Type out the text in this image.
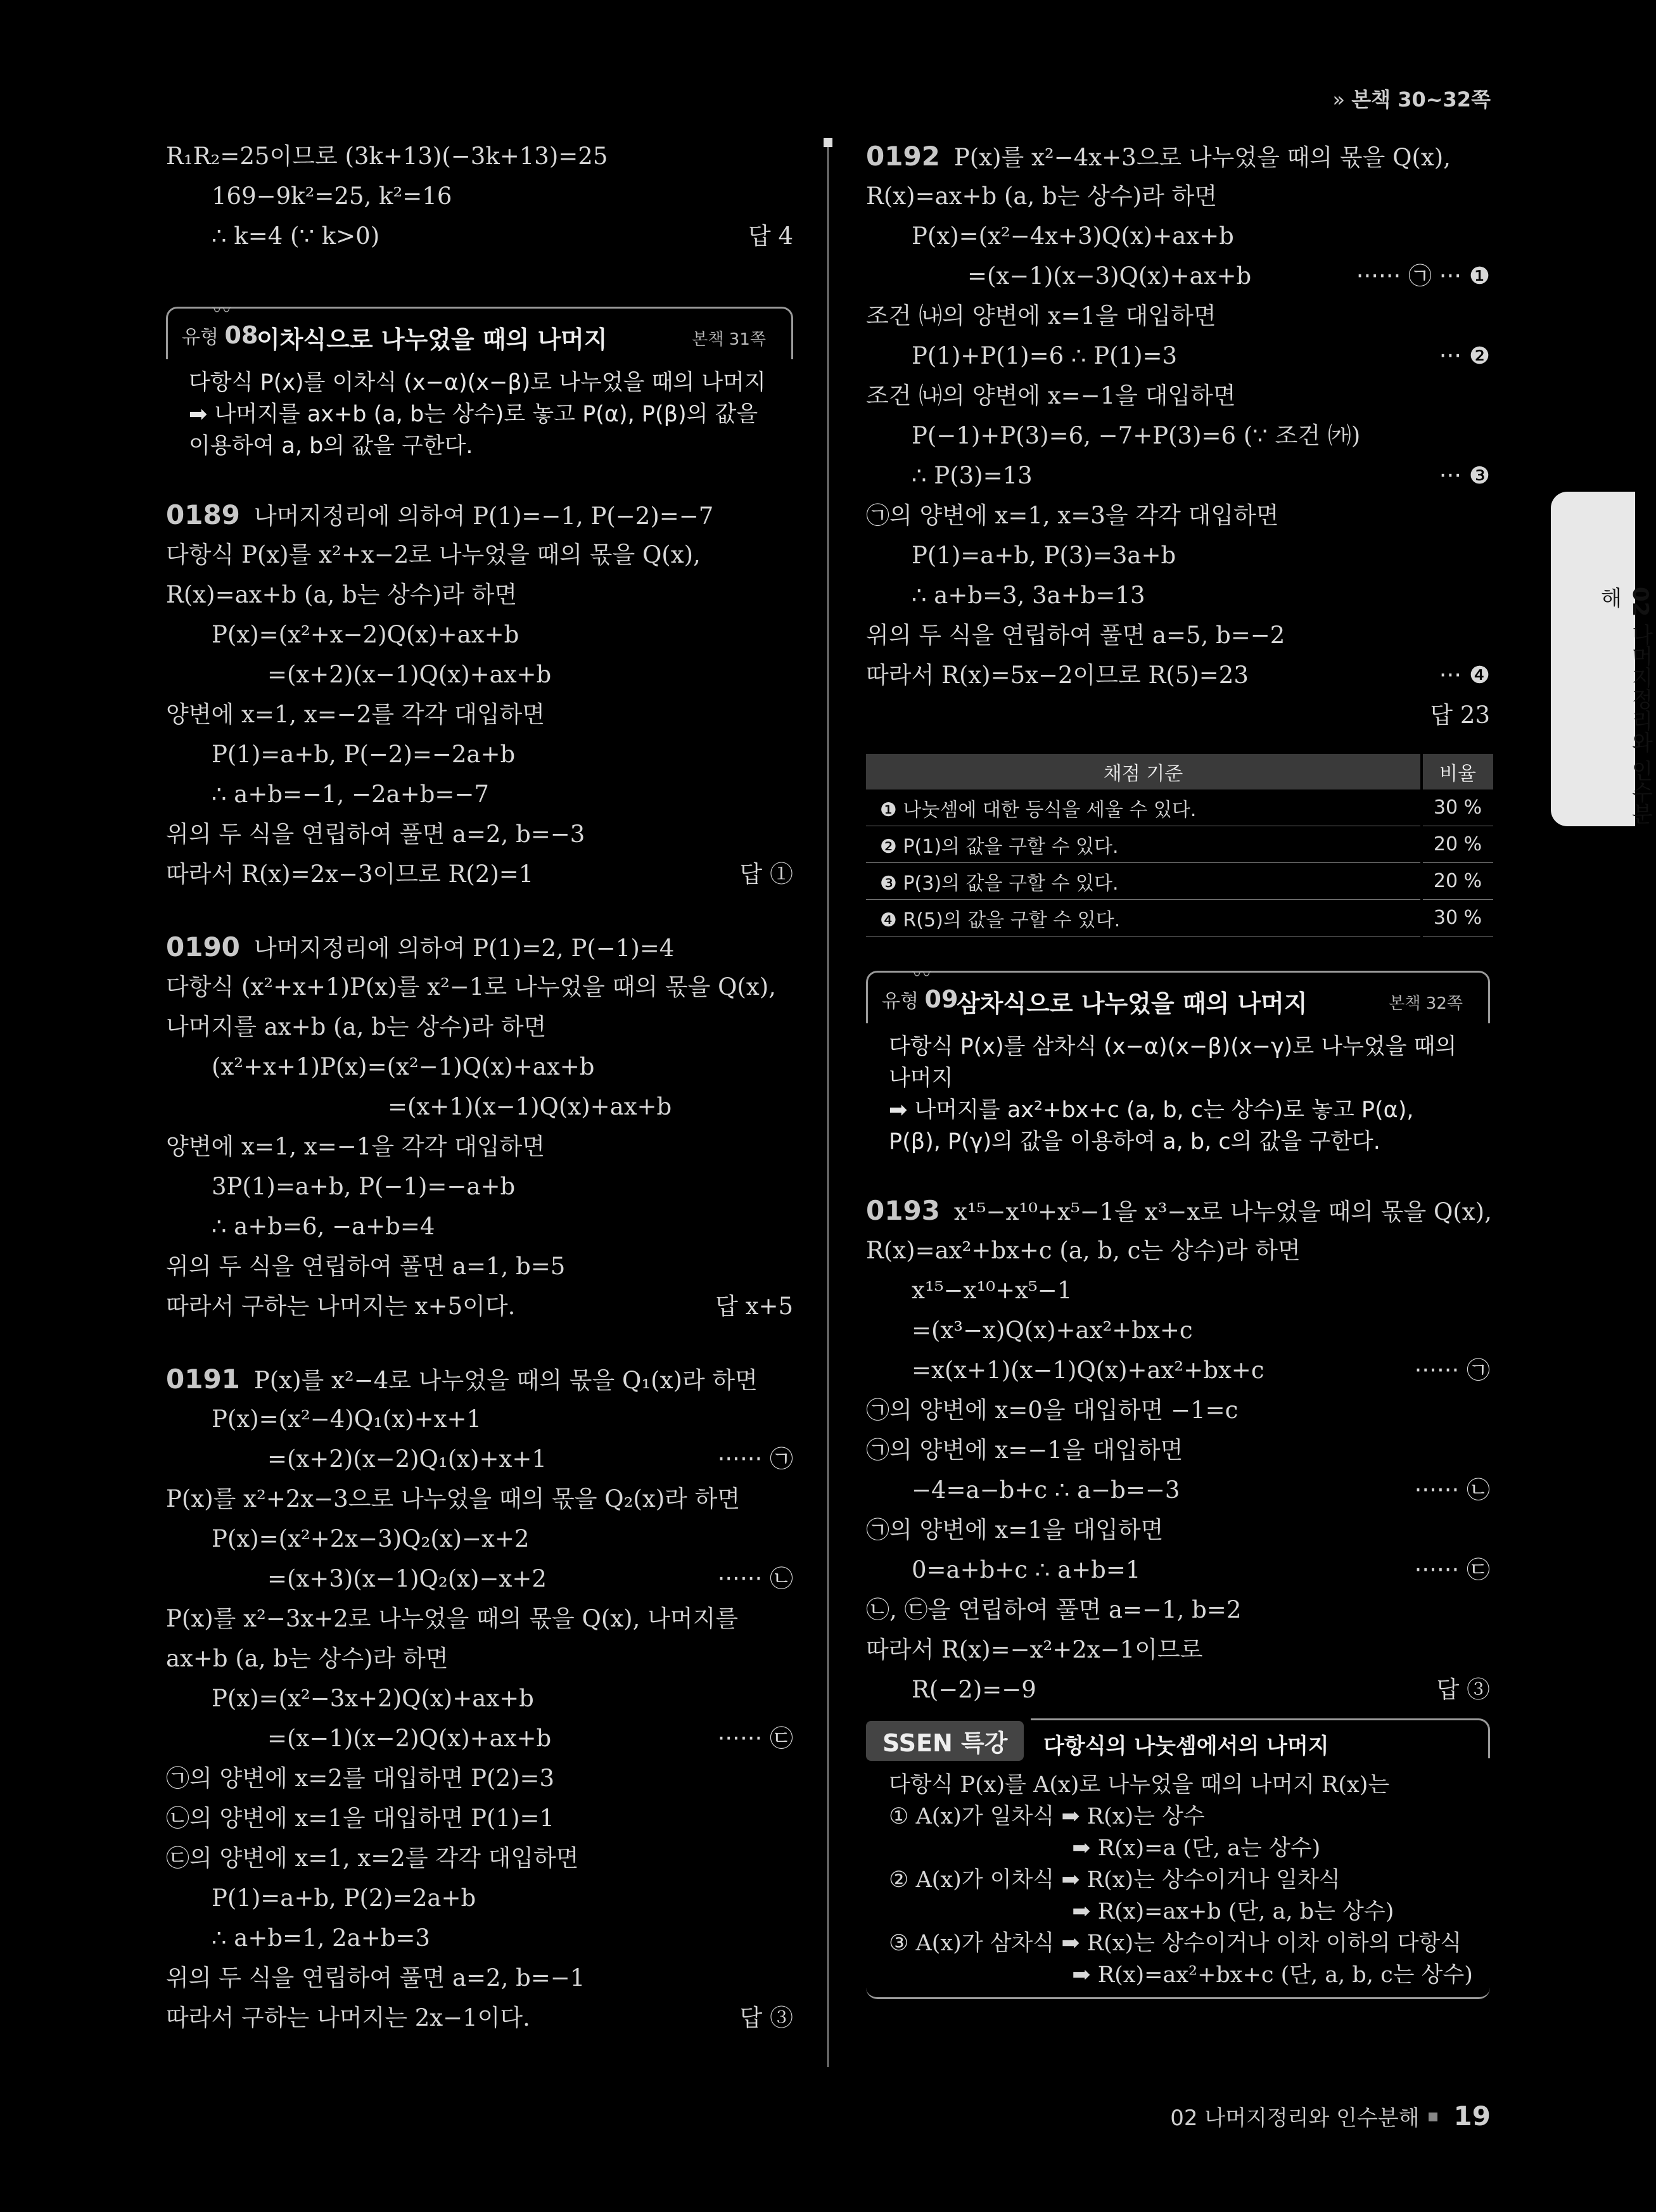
» 본책 30~32쪽
R₁R₂=25이므로 (3k+13)(−3k+13)=25
169−9k²=25, k²=16
∴ k=4 (∵ k>0)	답 4
〰
유형 08
이차식으로 나누었을 때의 나머지	본책 31쪽
다항식 P(x)를 이차식 (x−α)(x−β)로 나누었을 때의 나머지
➡ 나머지를 ax+b (a, b는 상수)로 놓고 P(α), P(β)의 값을
이용하여 a, b의 값을 구한다.
0189 나머지정리에 의하여 P(1)=−1, P(−2)=−7
다항식 P(x)를 x²+x−2로 나누었을 때의 몫을 Q(x),
R(x)=ax+b (a, b는 상수)라 하면
P(x)=(x²+x−2)Q(x)+ax+b
=(x+2)(x−1)Q(x)+ax+b
양변에 x=1, x=−2를 각각 대입하면
P(1)=a+b, P(−2)=−2a+b
∴ a+b=−1, −2a+b=−7
위의 두 식을 연립하여 풀면 a=2, b=−3
따라서 R(x)=2x−3이므로 R(2)=1	답 ①
0190 나머지정리에 의하여 P(1)=2, P(−1)=4
다항식 (x²+x+1)P(x)를 x²−1로 나누었을 때의 몫을 Q(x),
나머지를 ax+b (a, b는 상수)라 하면
(x²+x+1)P(x)=(x²−1)Q(x)+ax+b
=(x+1)(x−1)Q(x)+ax+b
양변에 x=1, x=−1을 각각 대입하면
3P(1)=a+b, P(−1)=−a+b
∴ a+b=6, −a+b=4
위의 두 식을 연립하여 풀면 a=1, b=5
따라서 구하는 나머지는 x+5이다.	답 x+5
0191 P(x)를 x²−4로 나누었을 때의 몫을 Q₁(x)라 하면
P(x)=(x²−4)Q₁(x)+x+1
=(x+2)(x−2)Q₁(x)+x+1	······ ㉠
P(x)를 x²+2x−3으로 나누었을 때의 몫을 Q₂(x)라 하면
P(x)=(x²+2x−3)Q₂(x)−x+2
=(x+3)(x−1)Q₂(x)−x+2	······ ㉡
P(x)를 x²−3x+2로 나누었을 때의 몫을 Q(x), 나머지를
ax+b (a, b는 상수)라 하면
P(x)=(x²−3x+2)Q(x)+ax+b
=(x−1)(x−2)Q(x)+ax+b	······ ㉢
㉠의 양변에 x=2를 대입하면 P(2)=3
㉡의 양변에 x=1을 대입하면 P(1)=1
㉢의 양변에 x=1, x=2를 각각 대입하면
P(1)=a+b, P(2)=2a+b
∴ a+b=1, 2a+b=3
위의 두 식을 연립하여 풀면 a=2, b=−1
따라서 구하는 나머지는 2x−1이다.	답 ③
0192 P(x)를 x²−4x+3으로 나누었을 때의 몫을 Q(x),
R(x)=ax+b (a, b는 상수)라 하면
P(x)=(x²−4x+3)Q(x)+ax+b
=(x−1)(x−3)Q(x)+ax+b	······ ㉠ ··· ❶
조건 ㈏의 양변에 x=1을 대입하면
P(1)+P(1)=6 ∴ P(1)=3	··· ❷
조건 ㈏의 양변에 x=−1을 대입하면
P(−1)+P(3)=6, −7+P(3)=6 (∵ 조건 ㈎)
∴ P(3)=13	··· ❸
㉠의 양변에 x=1, x=3을 각각 대입하면
P(1)=a+b, P(3)=3a+b
∴ a+b=3, 3a+b=13
위의 두 식을 연립하여 풀면 a=5, b=−2
따라서 R(x)=5x−2이므로 R(5)=23	··· ❹
답 23
채점 기준	비율
❶ 나눗셈에 대한 등식을 세울 수 있다.	30 %
❷ P(1)의 값을 구할 수 있다.	20 %
❸ P(3)의 값을 구할 수 있다.	20 %
❹ R(5)의 값을 구할 수 있다.	30 %
〰
유형 09
삼차식으로 나누었을 때의 나머지	본책 32쪽
다항식 P(x)를 삼차식 (x−α)(x−β)(x−γ)로 나누었을 때의
나머지
➡ 나머지를 ax²+bx+c (a, b, c는 상수)로 놓고 P(α),
P(β), P(γ)의 값을 이용하여 a, b, c의 값을 구한다.
0193 x¹⁵−x¹⁰+x⁵−1을 x³−x로 나누었을 때의 몫을 Q(x),
R(x)=ax²+bx+c (a, b, c는 상수)라 하면
x¹⁵−x¹⁰+x⁵−1
=(x³−x)Q(x)+ax²+bx+c
=x(x+1)(x−1)Q(x)+ax²+bx+c	······ ㉠
㉠의 양변에 x=0을 대입하면 −1=c
㉠의 양변에 x=−1을 대입하면
−4=a−b+c ∴ a−b=−3	······ ㉡
㉠의 양변에 x=1을 대입하면
0=a+b+c ∴ a+b=1	······ ㉢
㉡, ㉢을 연립하여 풀면 a=−1, b=2
따라서 R(x)=−x²+2x−1이므로
R(−2)=−9	답 ③
SSEN 특강	다항식의 나눗셈에서의 나머지
다항식 P(x)를 A(x)로 나누었을 때의 나머지 R(x)는
① A(x)가 일차식 ➡ R(x)는 상수
➡ R(x)=a (단, a는 상수)
② A(x)가 이차식 ➡ R(x)는 상수이거나 일차식
➡ R(x)=ax+b (단, a, b는 상수)
③ A(x)가 삼차식 ➡ R(x)는 상수이거나 이차 이하의 다항식
➡ R(x)=ax²+bx+c (단, a, b, c는 상수)
02 나머지정리와 인수분해
02 나머지정리와 인수분해 19
